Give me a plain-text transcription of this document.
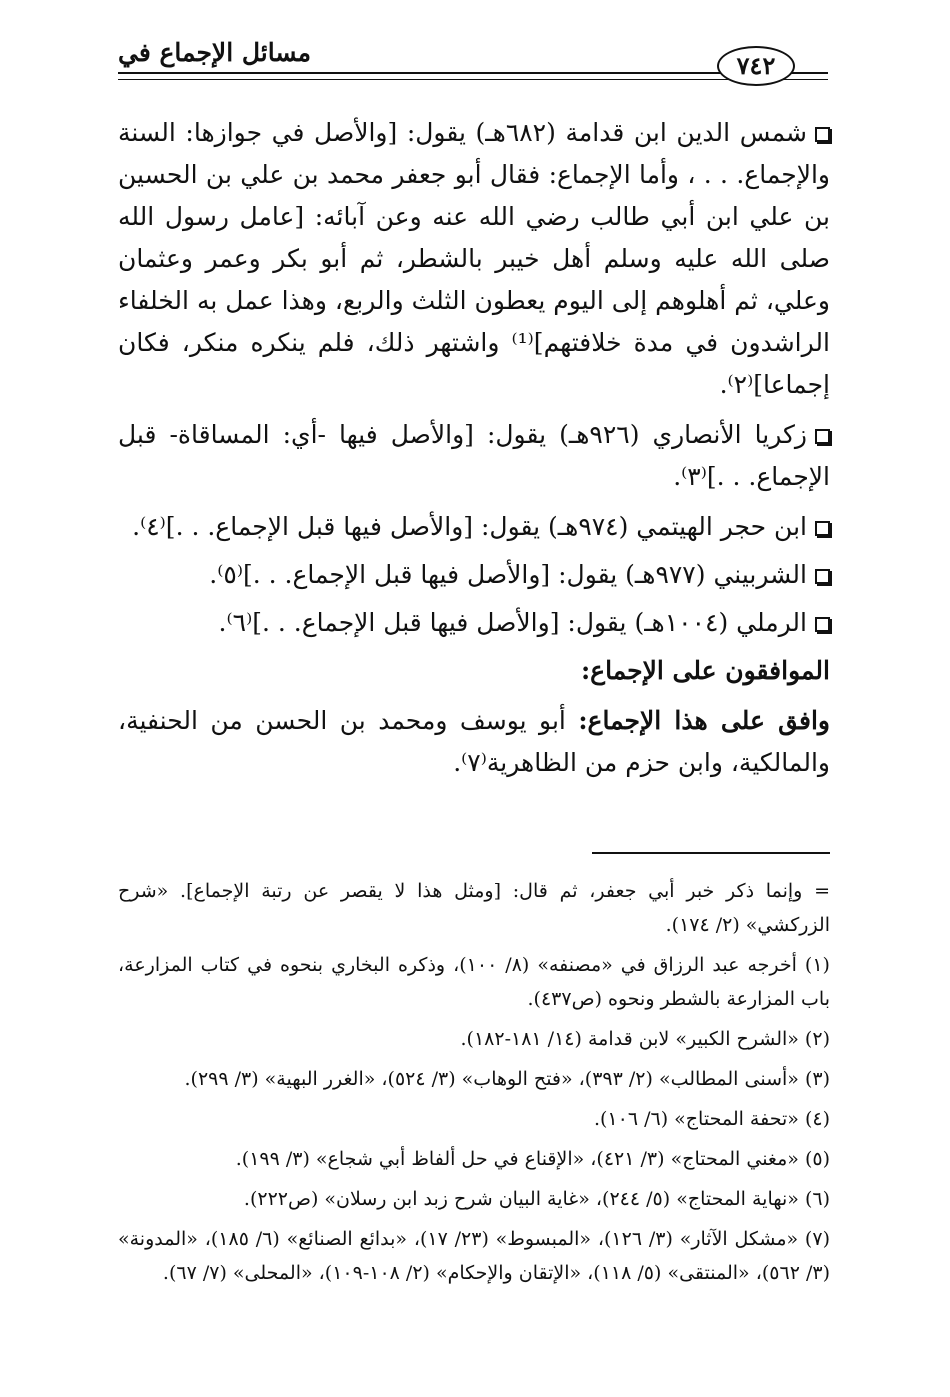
مسائل الإجماع في	٧٤٢

شمس الدين ابن قدامة (٦٨٢هـ) يقول: [والأصل في جوازها: السنة والإجماع. . . ، وأما الإجماع: فقال أبو جعفر محمد بن علي بن الحسين بن علي ابن أبي طالب رضي الله عنه وعن آبائه: [عامل رسول الله صلى الله عليه وسلم أهل خيبر بالشطر، ثم أبو بكر وعمر وعثمان وعلي، ثم أهلوهم إلى اليوم يعطون الثلث والربع، وهذا عمل به الخلفاء الراشدون في مدة خلافتهم]⁽¹⁾ واشتهر ذلك، فلم ينكره منكر، فكان إجماعا]⁽٢⁾.

زكريا الأنصاري (٩٢٦هـ) يقول: [والأصل فيها -أي: المساقاة- قبل الإجماع. . .]⁽٣⁾.

ابن حجر الهيتمي (٩٧٤هـ) يقول: [والأصل فيها قبل الإجماع. . .]⁽٤⁾.

الشربيني (٩٧٧هـ) يقول: [والأصل فيها قبل الإجماع. . .]⁽٥⁾.

الرملي (١٠٠٤هـ) يقول: [والأصل فيها قبل الإجماع. . .]⁽٦⁾.

الموافقون على الإجماع:

وافق على هذا الإجماع: أبو يوسف ومحمد بن الحسن من الحنفية، والمالكية، وابن حزم من الظاهرية⁽٧⁾.

= وإنما ذكر خبر أبي جعفر، ثم قال: [ومثل هذا لا يقصر عن رتبة الإجماع]. «شرح الزركشي» (٢/ ١٧٤).

(١) أخرجه عبد الرزاق في «مصنفه» (٨/ ١٠٠)، وذكره البخاري بنحوه في كتاب المزارعة، باب المزارعة بالشطر ونحوه (ص٤٣٧).

(٢) «الشرح الكبير» لابن قدامة (١٤/ ١٨١-١٨٢).

(٣) «أسنى المطالب» (٢/ ٣٩٣)، «فتح الوهاب» (٣/ ٥٢٤)، «الغرر البهية» (٣/ ٢٩٩).

(٤) «تحفة المحتاج» (٦/ ١٠٦).

(٥) «مغني المحتاج» (٣/ ٤٢١)، «الإقناع في حل ألفاظ أبي شجاع» (٣/ ١٩٩).

(٦) «نهاية المحتاج» (٥/ ٢٤٤)، «غاية البيان شرح زبد ابن رسلان» (ص٢٢٢).

(٧) «مشكل الآثار» (٣/ ١٢٦)، «المبسوط» (٢٣/ ١٧)، «بدائع الصنائع» (٦/ ١٨٥)، «المدونة» (٣/ ٥٦٢)، «المنتقى» (٥/ ١١٨)، «الإتقان والإحكام» (٢/ ١٠٨-١٠٩)، «المحلى» (٧/ ٦٧).
